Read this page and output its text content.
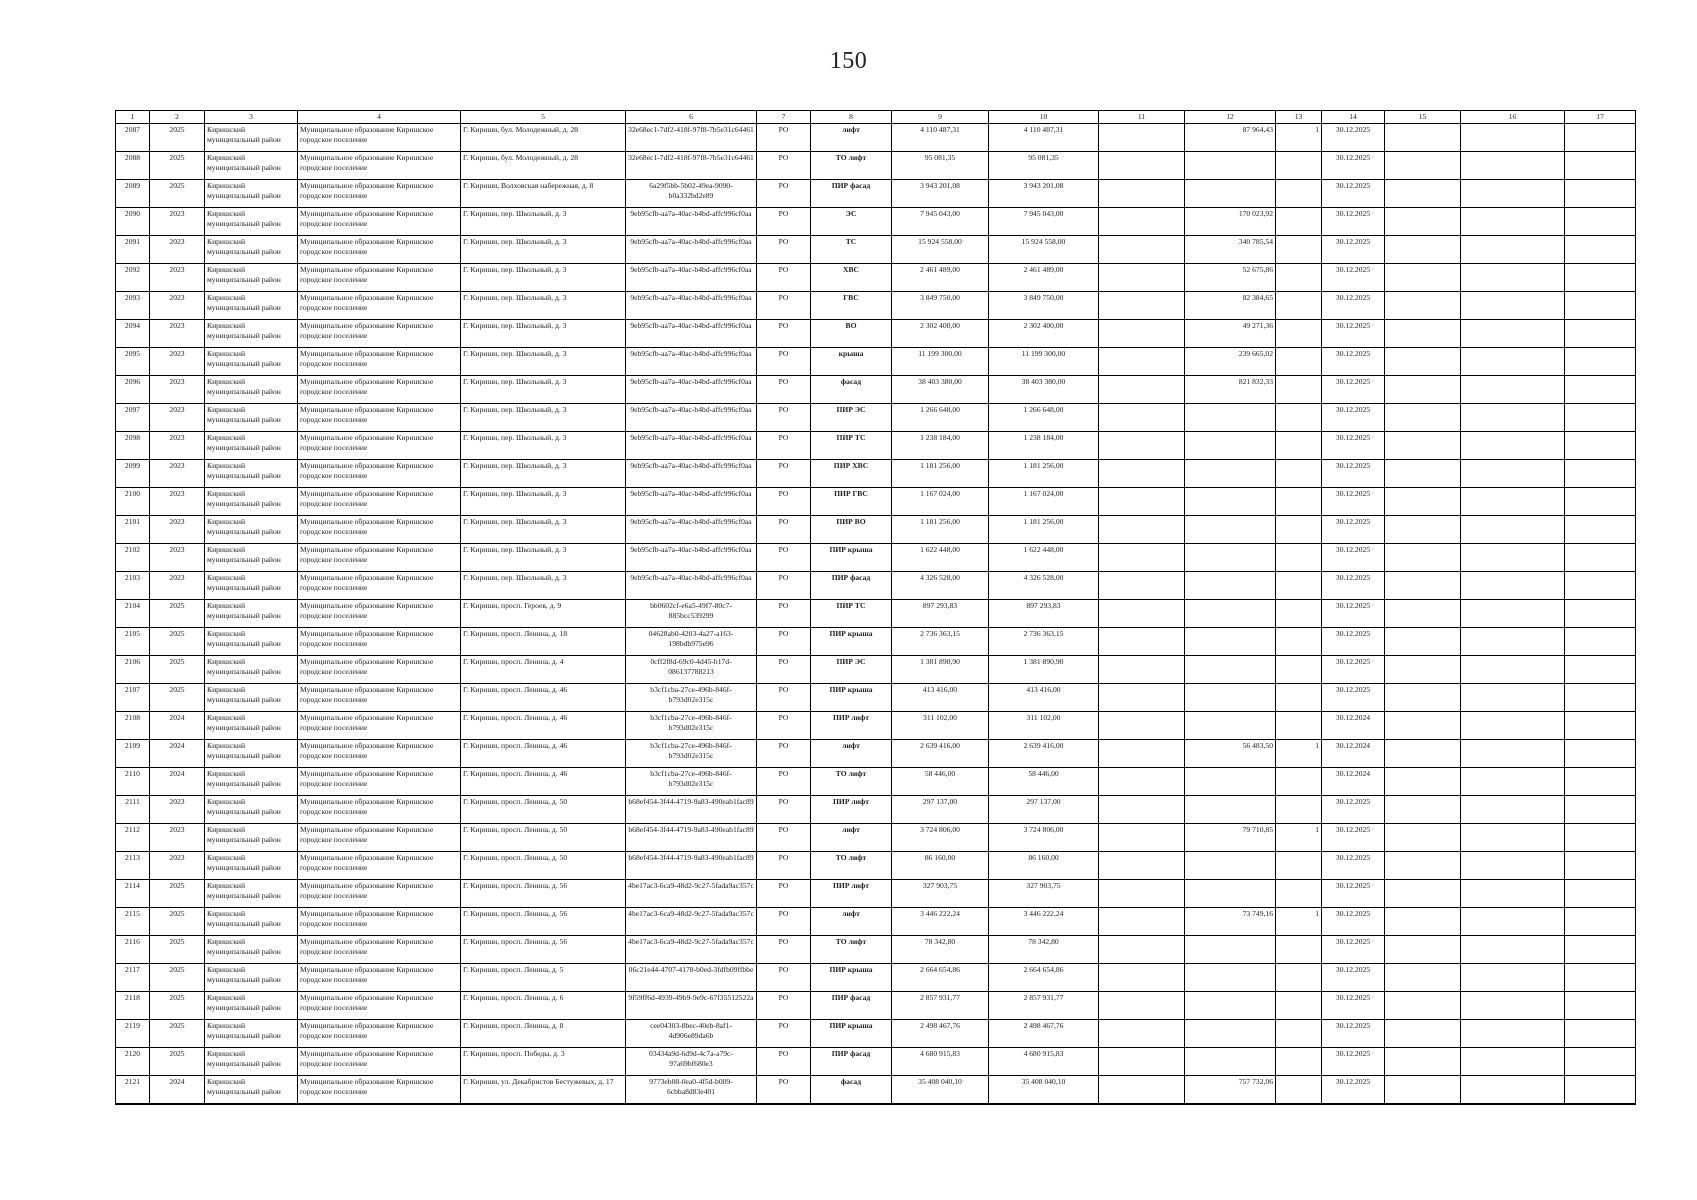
150
1	2	3	4	5	6	7	8	9	10	11	12	13	14	15	16	17
2087	2025	Киришский муниципальный район	Муниципальное образование Киришское городское поселение	Г. Кириши, бул. Молодежный, д. 28	32e68ec1-7df2-418f-97f8-7b5e31c64461	РО	лифт	4 110 487,31	4 110 487,31		87 964,43	1	30.12.2025			
2088	2025	Киришский муниципальный район	Муниципальное образование Киришское городское поселение	Г. Кириши, бул. Молодежный, д. 28	32e68ec1-7df2-418f-97f8-7b5e31c64461	РО	ТО лифт	95 081,35	95 081,35				30.12.2025			
2089	2025	Киришский муниципальный район	Муниципальное образование Киришское городское поселение	Г. Кириши, Волховская набережная, д. 8	6a29f5bb-5b02-49ea-9090-b0a332bd2e89	РО	ПИР фасад	3 943 201,08	3 943 201,08				30.12.2025			
2090	2023	Киришский муниципальный район	Муниципальное образование Киришское городское поселение	Г. Кириши, пер. Школьный, д. 3	9eb95cfb-aa7a-40ac-b4bd-affc996cf0aa	РО	ЭС	7 945 043,00	7 945 043,00		170 023,92		30.12.2025			
2091	2023	Киришский муниципальный район	Муниципальное образование Киришское городское поселение	Г. Кириши, пер. Школьный, д. 3	9eb95cfb-aa7a-40ac-b4bd-affc996cf0aa	РО	ТС	15 924 558,00	15 924 558,00		340 785,54		30.12.2025			
2092	2023	Киришский муниципальный район	Муниципальное образование Киришское городское поселение	Г. Кириши, пер. Школьный, д. 3	9eb95cfb-aa7a-40ac-b4bd-affc996cf0aa	РО	ХВС	2 461 489,00	2 461 489,00		52 675,86		30.12.2025			
2093	2023	Киришский муниципальный район	Муниципальное образование Киришское городское поселение	Г. Кириши, пер. Школьный, д. 3	9eb95cfb-aa7a-40ac-b4bd-affc996cf0aa	РО	ГВС	3 849 750,00	3 849 750,00		82 384,65		30.12.2025			
2094	2023	Киришский муниципальный район	Муниципальное образование Киришское городское поселение	Г. Кириши, пер. Школьный, д. 3	9eb95cfb-aa7a-40ac-b4bd-affc996cf0aa	РО	ВО	2 302 400,00	2 302 400,00		49 271,36		30.12.2025			
2095	2023	Киришский муниципальный район	Муниципальное образование Киришское городское поселение	Г. Кириши, пер. Школьный, д. 3	9eb95cfb-aa7a-40ac-b4bd-affc996cf0aa	РО	крыша	11 199 300,00	11 199 300,00		239 665,02		30.12.2025			
2096	2023	Киришский муниципальный район	Муниципальное образование Киришское городское поселение	Г. Кириши, пер. Школьный, д. 3	9eb95cfb-aa7a-40ac-b4bd-affc996cf0aa	РО	фасад	38 403 380,00	38 403 380,00		821 832,33		30.12.2025			
2097	2023	Киришский муниципальный район	Муниципальное образование Киришское городское поселение	Г. Кириши, пер. Школьный, д. 3	9eb95cfb-aa7a-40ac-b4bd-affc996cf0aa	РО	ПИР ЭС	1 266 648,00	1 266 648,00				30.12.2025			
2098	2023	Киришский муниципальный район	Муниципальное образование Киришское городское поселение	Г. Кириши, пер. Школьный, д. 3	9eb95cfb-aa7a-40ac-b4bd-affc996cf0aa	РО	ПИР ТС	1 238 184,00	1 238 184,00				30.12.2025			
2099	2023	Киришский муниципальный район	Муниципальное образование Киришское городское поселение	Г. Кириши, пер. Школьный, д. 3	9eb95cfb-aa7a-40ac-b4bd-affc996cf0aa	РО	ПИР ХВС	1 181 256,00	1 181 256,00				30.12.2025			
2100	2023	Киришский муниципальный район	Муниципальное образование Киришское городское поселение	Г. Кириши, пер. Школьный, д. 3	9eb95cfb-aa7a-40ac-b4bd-affc996cf0aa	РО	ПИР ГВС	1 167 024,00	1 167 024,00				30.12.2025			
2101	2023	Киришский муниципальный район	Муниципальное образование Киришское городское поселение	Г. Кириши, пер. Школьный, д. 3	9eb95cfb-aa7a-40ac-b4bd-affc996cf0aa	РО	ПИР ВО	1 181 256,00	1 181 256,00				30.12.2025			
2102	2023	Киришский муниципальный район	Муниципальное образование Киришское городское поселение	Г. Кириши, пер. Школьный, д. 3	9eb95cfb-aa7a-40ac-b4bd-affc996cf0aa	РО	ПИР крыша	1 622 448,00	1 622 448,00				30.12.2025			
2103	2023	Киришский муниципальный район	Муниципальное образование Киришское городское поселение	Г. Кириши, пер. Школьный, д. 3	9eb95cfb-aa7a-40ac-b4bd-affc996cf0aa	РО	ПИР фасад	4 326 528,00	4 326 528,00				30.12.2025			
2104	2025	Киришский муниципальный район	Муниципальное образование Киришское городское поселение	Г. Кириши, просп. Героев, д. 9	bb0602cf-e6a5-49f7-80c7-885bcc539299	РО	ПИР ТС	897 293,83	897 293,83				30.12.2025			
2105	2025	Киришский муниципальный район	Муниципальное образование Киришское городское поселение	Г. Кириши, просп. Ленина, д. 18	04628ab0-4203-4a27-a163-198bdb975e96	РО	ПИР крыша	2 736 363,15	2 736 363,15				30.12.2025			
2106	2025	Киришский муниципальный район	Муниципальное образование Киришское городское поселение	Г. Кириши, просп. Ленина, д. 4	0cff2f8d-69c0-4d45-b17d-086137788213	РО	ПИР ЭС	1 381 890,90	1 381 890,90				30.12.2025			
2107	2025	Киришский муниципальный район	Муниципальное образование Киришское городское поселение	Г. Кириши, просп. Ленина, д. 46	b3cf1cba-27ce-496b-846f-b793d02e315c	РО	ПИР крыша	413 416,00	413 416,00				30.12.2025			
2108	2024	Киришский муниципальный район	Муниципальное образование Киришское городское поселение	Г. Кириши, просп. Ленина, д. 46	b3cf1cba-27ce-496b-846f-b793d02e315c	РО	ПИР лифт	311 102,00	311 102,00				30.12.2024			
2109	2024	Киришский муниципальный район	Муниципальное образование Киришское городское поселение	Г. Кириши, просп. Ленина, д. 46	b3cf1cba-27ce-496b-846f-b793d02e315c	РО	лифт	2 639 416,00	2 639 416,00		56 483,50	1	30.12.2024			
2110	2024	Киришский муниципальный район	Муниципальное образование Киришское городское поселение	Г. Кириши, просп. Ленина, д. 46	b3cf1cba-27ce-496b-846f-b793d02e315c	РО	ТО лифт	58 446,00	58 446,00				30.12.2024			
2111	2023	Киришский муниципальный район	Муниципальное образование Киришское городское поселение	Г. Кириши, просп. Ленина, д. 50	b68ef454-3f44-4719-9a83-490eab1fac89	РО	ПИР лифт	297 137,00	297 137,00				30.12.2025			
2112	2023	Киришский муниципальный район	Муниципальное образование Киришское городское поселение	Г. Кириши, просп. Ленина, д. 50	b68ef454-3f44-4719-9a83-490eab1fac89	РО	лифт	3 724 806,00	3 724 806,00		79 710,85	1	30.12.2025			
2113	2023	Киришский муниципальный район	Муниципальное образование Киришское городское поселение	Г. Кириши, просп. Ленина, д. 50	b68ef454-3f44-4719-9a83-490eab1fac89	РО	ТО лифт	86 160,00	86 160,00				30.12.2025			
2114	2025	Киришский муниципальный район	Муниципальное образование Киришское городское поселение	Г. Кириши, просп. Ленина, д. 56	4be17ac3-6ca9-48d2-9c27-5fada9ac357c	РО	ПИР лифт	327 903,75	327 903,75				30.12.2025			
2115	2025	Киришский муниципальный район	Муниципальное образование Киришское городское поселение	Г. Кириши, просп. Ленина, д. 56	4be17ac3-6ca9-48d2-9c27-5fada9ac357c	РО	лифт	3 446 222,24	3 446 222,24		73 749,16	1	30.12.2025			
2116	2025	Киришский муниципальный район	Муниципальное образование Киришское городское поселение	Г. Кириши, просп. Ленина, д. 56	4be17ac3-6ca9-48d2-9c27-5fada9ac357c	РО	ТО лифт	78 342,80	78 342,80				30.12.2025			
2117	2025	Киришский муниципальный район	Муниципальное образование Киришское городское поселение	Г. Кириши, просп. Ленина, д. 5	06c21e44-4707-4178-b0ed-3fdfb09ffbbe	РО	ПИР крыша	2 664 654,86	2 664 654,86				30.12.2025			
2118	2025	Киришский муниципальный район	Муниципальное образование Киришское городское поселение	Г. Кириши, просп. Ленина, д. 6	9f59ff6d-4939-49b9-9e9c-67f35512522a	РО	ПИР фасад	2 857 931,77	2 857 931,77				30.12.2025			
2119	2025	Киришский муниципальный район	Муниципальное образование Киришское городское поселение	Г. Кириши, просп. Ленина, д. 8	cee04303-8bec-40eb-8af1-4d906e89da6b	РО	ПИР крыша	2 498 467,76	2 498 467,76				30.12.2025			
2120	2025	Киришский муниципальный район	Муниципальное образование Киришское городское поселение	Г. Кириши, просп. Победы, д. 3	03434a9d-6d9d-4c7a-a79c-97a69bf680e3	РО	ПИР фасад	4 680 915,83	4 680 915,83				30.12.2025			
2121	2024	Киришский муниципальный район	Муниципальное образование Киришское городское поселение	Г. Кириши, ул. Декабристов Бестужевых, д. 17	9773eb08-0ea0-4f5d-b009-6cbba8d83e401	РО	фасад	35 408 040,10	35 408 040,10		757 732,06		30.12.2025			
